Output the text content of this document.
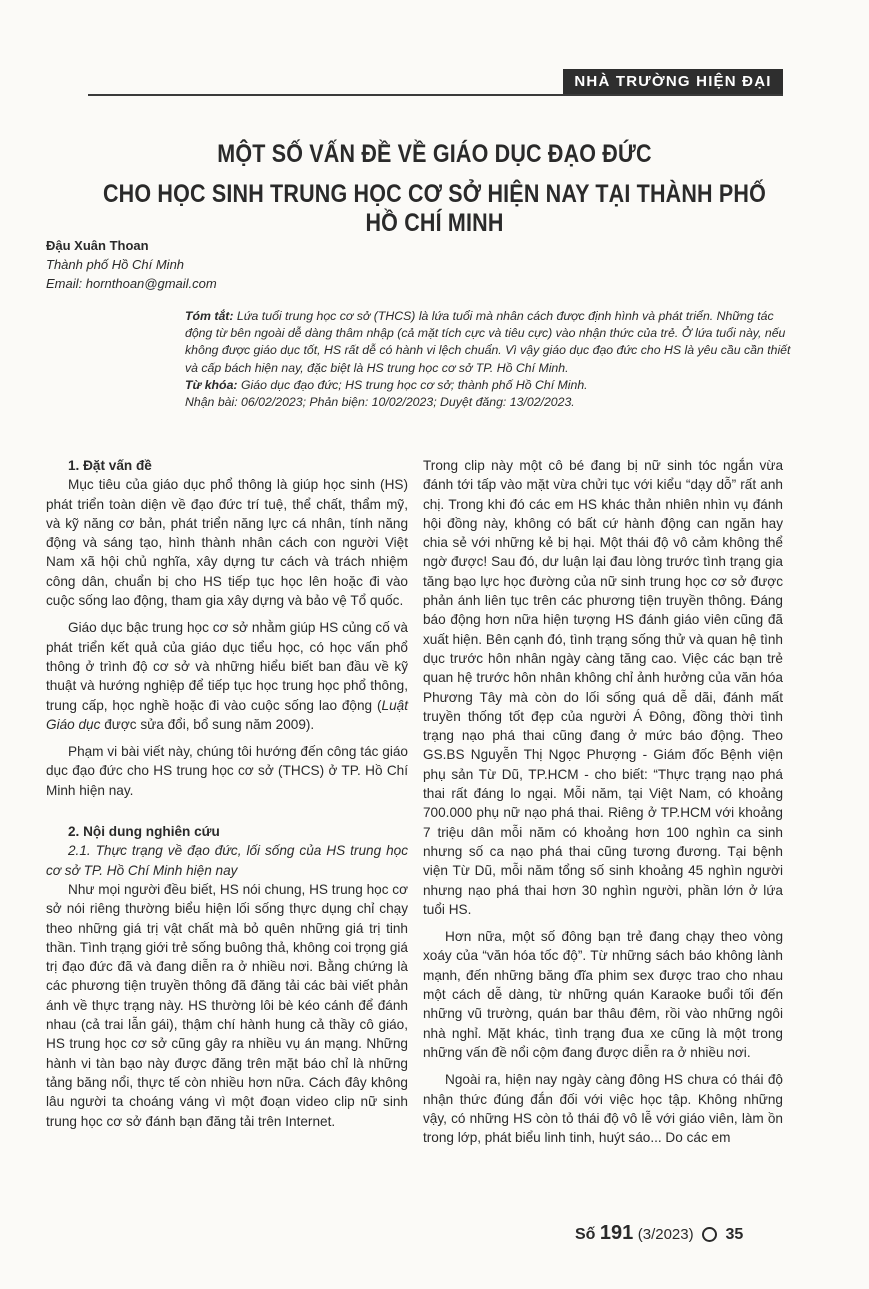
NHÀ TRƯỜNG HIỆN ĐẠI
MỘT SỐ VẤN ĐỀ VỀ GIÁO DỤC ĐẠO ĐỨC
CHO HỌC SINH TRUNG HỌC CƠ SỞ HIỆN NAY TẠI THÀNH PHỐ HỒ CHÍ MINH
Đậu Xuân Thoan
Thành phố Hồ Chí Minh
Email: hornthoan@gmail.com

Tóm tắt: Lứa tuổi trung học cơ sở (THCS) là lứa tuổi mà nhân cách được định hình và phát triển. Những tác động từ bên ngoài dễ dàng thâm nhập (cả mặt tích cực và tiêu cực) vào nhận thức của trẻ. Ở lứa tuổi này, nếu không được giáo dục tốt, HS rất dễ có hành vi lệch chuẩn. Vì vậy giáo dục đạo đức cho HS là yêu cầu cần thiết và cấp bách hiện nay, đặc biệt là HS trung học cơ sở TP. Hồ Chí Minh.

Từ khóa: Giáo dục đạo đức; HS trung học cơ sở; thành phố Hồ Chí Minh.

Nhận bài: 06/02/2023; Phản biện: 10/02/2023; Duyệt đăng: 13/02/2023.

1. Đặt vấn đề

Mục tiêu của giáo dục phổ thông là giúp học sinh (HS) phát triển toàn diện về đạo đức trí tuệ, thể chất, thẩm mỹ, và kỹ năng cơ bản, phát triển năng lực cá nhân, tính năng động và sáng tạo, hình thành nhân cách con người Việt Nam xã hội chủ nghĩa, xây dựng tư cách và trách nhiệm công dân, chuẩn bị cho HS tiếp tục học lên hoặc đi vào cuộc sống lao động, tham gia xây dựng và bảo vệ Tổ quốc.

Giáo dục bậc trung học cơ sở nhằm giúp HS củng cố và phát triển kết quả của giáo dục tiểu học, có học vấn phổ thông ở trình độ cơ sở và những hiểu biết ban đầu về kỹ thuật và hướng nghiệp để tiếp tục học trung học phổ thông, trung cấp, học nghề hoặc đi vào cuộc sống lao động (Luật Giáo dục được sửa đổi, bổ sung năm 2009).

Phạm vi bài viết này, chúng tôi hướng đến công tác giáo dục đạo đức cho HS trung học cơ sở (THCS) ở TP. Hồ Chí Minh hiện nay.

2. Nội dung nghiên cứu

2.1. Thực trạng về đạo đức, lối sống của HS trung học cơ sở TP. Hồ Chí Minh hiện nay

Như mọi người đều biết, HS nói chung, HS trung học cơ sở nói riêng thường biểu hiện lối sống thực dụng chỉ chạy theo những giá trị vật chất mà bỏ quên những giá trị tinh thần. Tình trạng giới trẻ sống buông thả, không coi trọng giá trị đạo đức đã và đang diễn ra ở nhiều nơi. Bằng chứng là các phương tiện truyền thông đã đăng tải các bài viết phản ánh về thực trạng này. HS thường lôi bè kéo cánh để đánh nhau (cả trai lẫn gái), thậm chí hành hung cả thầy cô giáo, HS trung học cơ sở cũng gây ra nhiều vụ án mạng. Những hành vi tàn bạo này được đăng trên mặt báo chỉ là những tảng băng nổi, thực tế còn nhiều hơn nữa. Cách đây không lâu người ta choáng váng vì một đoạn video clip nữ sinh trung học cơ sở đánh bạn đăng tải trên Internet.

Trong clip này một cô bé đang bị nữ sinh tóc ngắn vừa đánh tới tấp vào mặt vừa chửi tục với kiểu “dạy dỗ” rất anh chị. Trong khi đó các em HS khác thản nhiên nhìn vụ đánh hội đồng này, không có bất cứ hành động can ngăn hay chia sẻ với những kẻ bị hại. Một thái độ vô cảm không thể ngờ được! Sau đó, dư luận lại đau lòng trước tình trạng gia tăng bạo lực học đường của nữ sinh trung học cơ sở được phản ánh liên tục trên các phương tiện truyền thông. Đáng báo động hơn nữa hiện tượng HS đánh giáo viên cũng đã xuất hiện. Bên cạnh đó, tình trạng sống thử và quan hệ tình dục trước hôn nhân ngày càng tăng cao. Việc các bạn trẻ quan hệ trước hôn nhân không chỉ ảnh hưởng của văn hóa Phương Tây mà còn do lối sống quá dễ dãi, đánh mất truyền thống tốt đẹp của người Á Đông, đồng thời tình trạng nạo phá thai cũng đang ở mức báo động. Theo GS.BS Nguyễn Thị Ngọc Phượng - Giám đốc Bệnh viện phụ sản Từ Dũ, TP.HCM - cho biết: “Thực trạng nạo phá thai rất đáng lo ngại. Mỗi năm, tại Việt Nam, có khoảng 700.000 phụ nữ nạo phá thai. Riêng ở TP.HCM với khoảng 7 triệu dân mỗi năm có khoảng hơn 100 nghìn ca sinh nhưng số ca nạo phá thai cũng tương đương. Tại bệnh viện Từ Dũ, mỗi năm tổng số sinh khoảng 45 nghìn người nhưng nạo phá thai hơn 30 nghìn người, phần lớn ở lứa tuổi HS.

Hơn nữa, một số đông bạn trẻ đang chạy theo vòng xoáy của “văn hóa tốc độ”. Từ những sách báo không lành mạnh, đến những băng đĩa phim sex được trao cho nhau một cách dễ dàng, từ những quán Karaoke buổi tối đến những vũ trường, quán bar thâu đêm, rồi vào những ngôi nhà nghỉ. Mặt khác, tình trạng đua xe cũng là một trong những vấn đề nổi cộm đang được diễn ra ở nhiều nơi.

Ngoài ra, hiện nay ngày càng đông HS chưa có thái độ nhận thức đúng đắn đối với việc học tập. Không những vậy, có những HS còn tỏ thái độ vô lễ với giáo viên, làm ồn trong lớp, phát biểu linh tinh, huýt sáo... Do các em

Số 191 (3/2023) 35
